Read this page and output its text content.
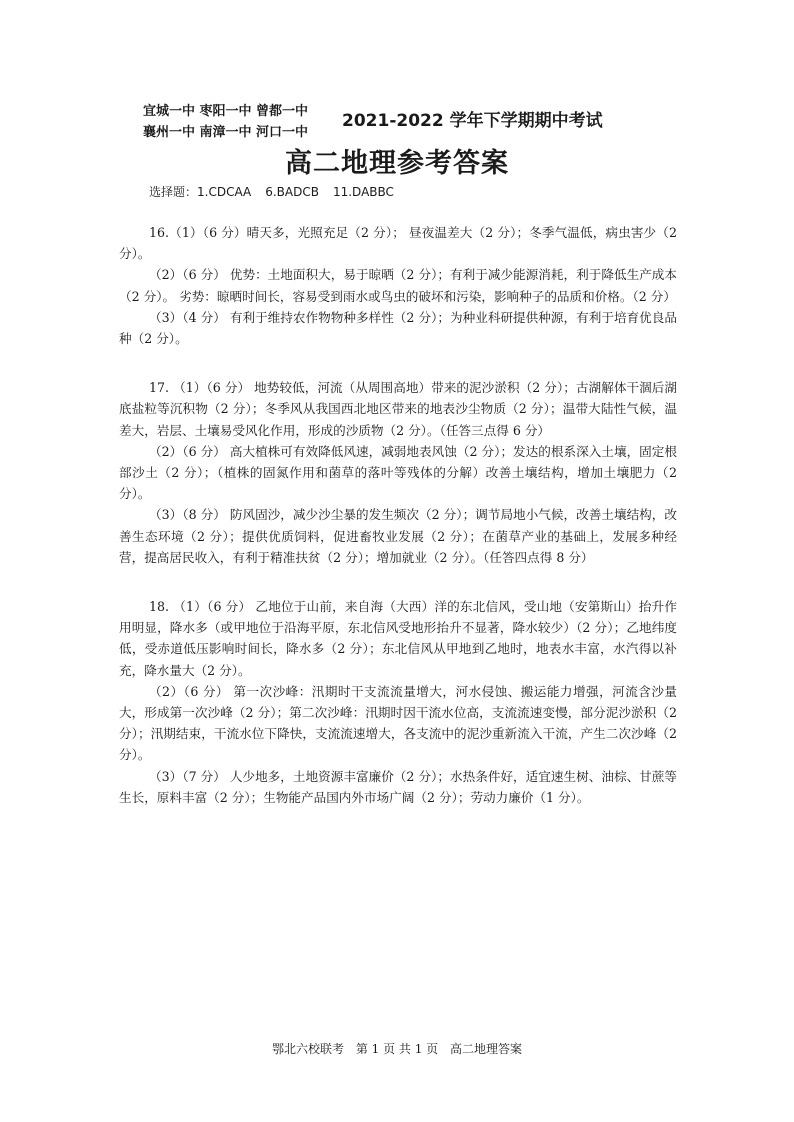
宜城一中 枣阳一中 曾都一中
襄州一中 南漳一中 河口一中
2021-2022 学年下学期期中考试
高二地理参考答案
选择题：1.CDCAA 6.BADCB 11.DABBC

16.（1）（6 分）晴天多，光照充足（2 分）； 昼夜温差大（2 分）；冬季气温低，病虫害少（2 分）。

（2）（6 分） 优势：土地面积大，易于晾晒（2 分）；有利于减少能源消耗，利于降低生产成本（2 分）。 劣势：晾晒时间长，容易受到雨水或鸟虫的破坏和污染，影响种子的品质和价格。（2 分）

（3）（4 分） 有利于维持农作物物种多样性（2 分）；为种业科研提供种源，有利于培育优良品种（2 分）。

17. （1）（6 分） 地势较低，河流（从周围高地）带来的泥沙淤积（2 分）；古湖解体干涸后湖底盐粒等沉积物（2 分）；冬季风从我国西北地区带来的地表沙尘物质（2 分）；温带大陆性气候，温差大，岩层、土壤易受风化作用，形成的沙质物（2 分）。（任答三点得 6 分）

（2）（6 分） 高大植株可有效降低风速，减弱地表风蚀（2 分）；发达的根系深入土壤，固定根部沙土（2 分）；（植株的固氮作用和菌草的落叶等残体的分解）改善土壤结构，增加土壤肥力（2 分）。

（3）（8 分） 防风固沙，减少沙尘暴的发生频次（2 分）；调节局地小气候，改善土壤结构，改善生态环境（2 分）；提供优质饲料，促进畜牧业发展（2 分）；在菌草产业的基础上，发展多种经营，提高居民收入，有利于精准扶贫（2 分）；增加就业（2 分）。（任答四点得 8 分）

18. （1）（6 分） 乙地位于山前，来自海（大西）洋的东北信风，受山地（安第斯山）抬升作用明显，降水多（或甲地位于沿海平原，东北信风受地形抬升不显著，降水较少）（2 分）；乙地纬度低，受赤道低压影响时间长，降水多（2 分）；东北信风从甲地到乙地时，地表水丰富，水汽得以补充，降水量大（2 分）。

（2）（6 分） 第一次沙峰：汛期时干支流流量增大，河水侵蚀、搬运能力增强，河流含沙量大，形成第一次沙峰（2 分）；第二次沙峰：汛期时因干流水位高，支流流速变慢，部分泥沙淤积（2 分）；汛期结束，干流水位下降快，支流流速增大，各支流中的泥沙重新流入干流，产生二次沙峰（2 分）。

（3）（7 分） 人少地多，土地资源丰富廉价（2 分）；水热条件好，适宜速生树、油棕、甘蔗等生长，原料丰富（2 分）；生物能产品国内外市场广阔（2 分）；劳动力廉价（1 分）。

鄂北六校联考 第 1 页 共 1 页 高二地理答案
